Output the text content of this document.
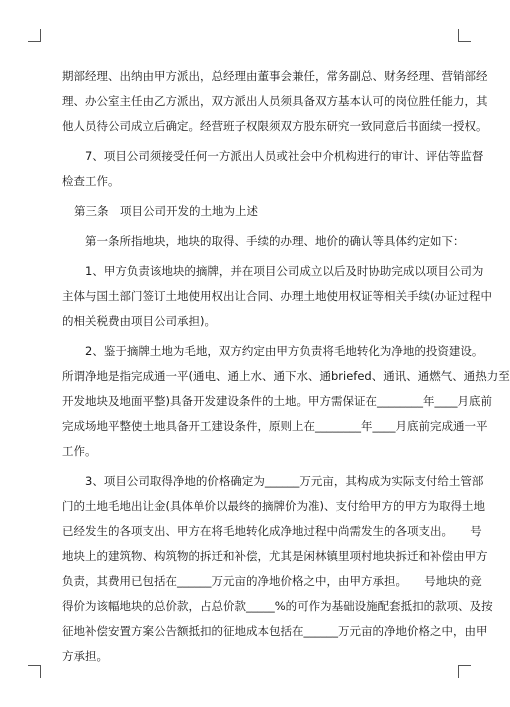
期部经理、出纳由甲方派出，总经理由董事会兼任，常务副总、财务经理、营销部经
理、办公室主任由乙方派出，双方派出人员须具备双方基本认可的岗位胜任能力，其
他人员待公司成立后确定。经营班子权限须双方股东研究一致同意后书面续一授权。
7、项目公司须接受任何一方派出人员或社会中介机构进行的审计、评估等监督
检查工作。
第三条　项目公司开发的土地为上述
第一条所指地块，地块的取得、手续的办理、地价的确认等具体约定如下：
1、甲方负责该地块的摘牌，并在项目公司成立以后及时协助完成以项目公司为
主体与国土部门签订土地使用权出让合同、办理土地使用权证等相关手续(办证过程中
的相关税费由项目公司承担)。
2、鉴于摘牌土地为毛地，双方约定由甲方负责将毛地转化为净地的投资建设。
所谓净地是指完成通一平(通电、通上水、通下水、通briefed、通讯、通燃气、通热力至
开发地块及地面平整)具备开发建设条件的土地。甲方需保证在________年____月底前
完成场地平整使土地具备开工建设条件，原则上在________年____月底前完成通一平
工作。
3、项目公司取得净地的价格确定为______万元亩，其构成为实际支付给土管部
门的土地毛地出让金(具体单价以最终的摘牌价为准)、支付给甲方的甲方为取得土地
已经发生的各项支出、甲方在将毛地转化成净地过程中尚需发生的各项支出。　　号
地块上的建筑物、构筑物的拆迁和补偿，尤其是闲林镇里项村地块拆迁和补偿由甲方
负责，其费用已包括在______万元亩的净地价格之中，由甲方承担。　　号地块的竞
得价为该幅地块的总价款，占总价款_____%的可作为基础设施配套抵扣的款项、及按
征地补偿安置方案公告额抵扣的征地成本包括在______万元亩的净地价格之中，由甲
方承担。
